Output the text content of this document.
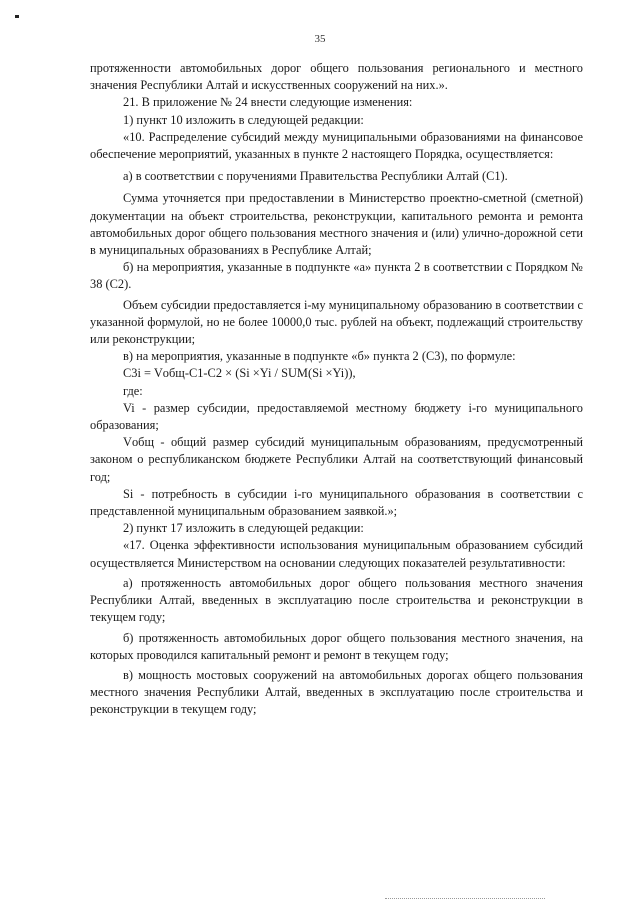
35

протяженности автомобильных дорог общего пользования регионального и местного значения Республики Алтай и искусственных сооружений на них.».

21. В приложение № 24 внести следующие изменения:

1) пункт 10 изложить в следующей редакции:

«10. Распределение субсидий между муниципальными образованиями на финансовое обеспечение мероприятий, указанных в пункте 2 настоящего Порядка, осуществляется:

а) в соответствии с поручениями Правительства Республики Алтай (C1).

Сумма уточняется при предоставлении в Министерство проектно-сметной (сметной) документации на объект строительства, реконструкции, капитального ремонта и ремонта автомобильных дорог общего пользования местного значения и (или) улично-дорожной сети в муниципальных образованиях в Республике Алтай;

б) на мероприятия, указанные в подпункте «а» пункта 2 в соответствии с Порядком № 38 (C2).

Объем субсидии предоставляется i-му муниципальному образованию в соответствии с указанной формулой, но не более 10000,0 тыс. рублей на объект, подлежащий строительству или реконструкции;

в) на мероприятия, указанные в подпункте «б» пункта 2 (C3), по формуле:

C3i = Vобщ-C1-C2 × (Si ×Yi / SUM(Si ×Yi)),

где:

Vi - размер субсидии, предоставляемой местному бюджету i-го муниципального образования;

Vобщ - общий размер субсидий муниципальным образованиям, предусмотренный законом о республиканском бюджете Республики Алтай на соответствующий финансовый год;

Si - потребность в субсидии i-го муниципального образования в соответствии с представленной муниципальным образованием заявкой.»;

2) пункт 17 изложить в следующей редакции:

«17. Оценка эффективности использования муниципальным образованием субсидий осуществляется Министерством на основании следующих показателей результативности:

а) протяженность автомобильных дорог общего пользования местного значения Республики Алтай, введенных в эксплуатацию после строительства и реконструкции в текущем году;

б) протяженность автомобильных дорог общего пользования местного значения, на которых проводился капитальный ремонт и ремонт в текущем году;

в) мощность мостовых сооружений на автомобильных дорогах общего пользования местного значения Республики Алтай, введенных в эксплуатацию после строительства и реконструкции в текущем году;
